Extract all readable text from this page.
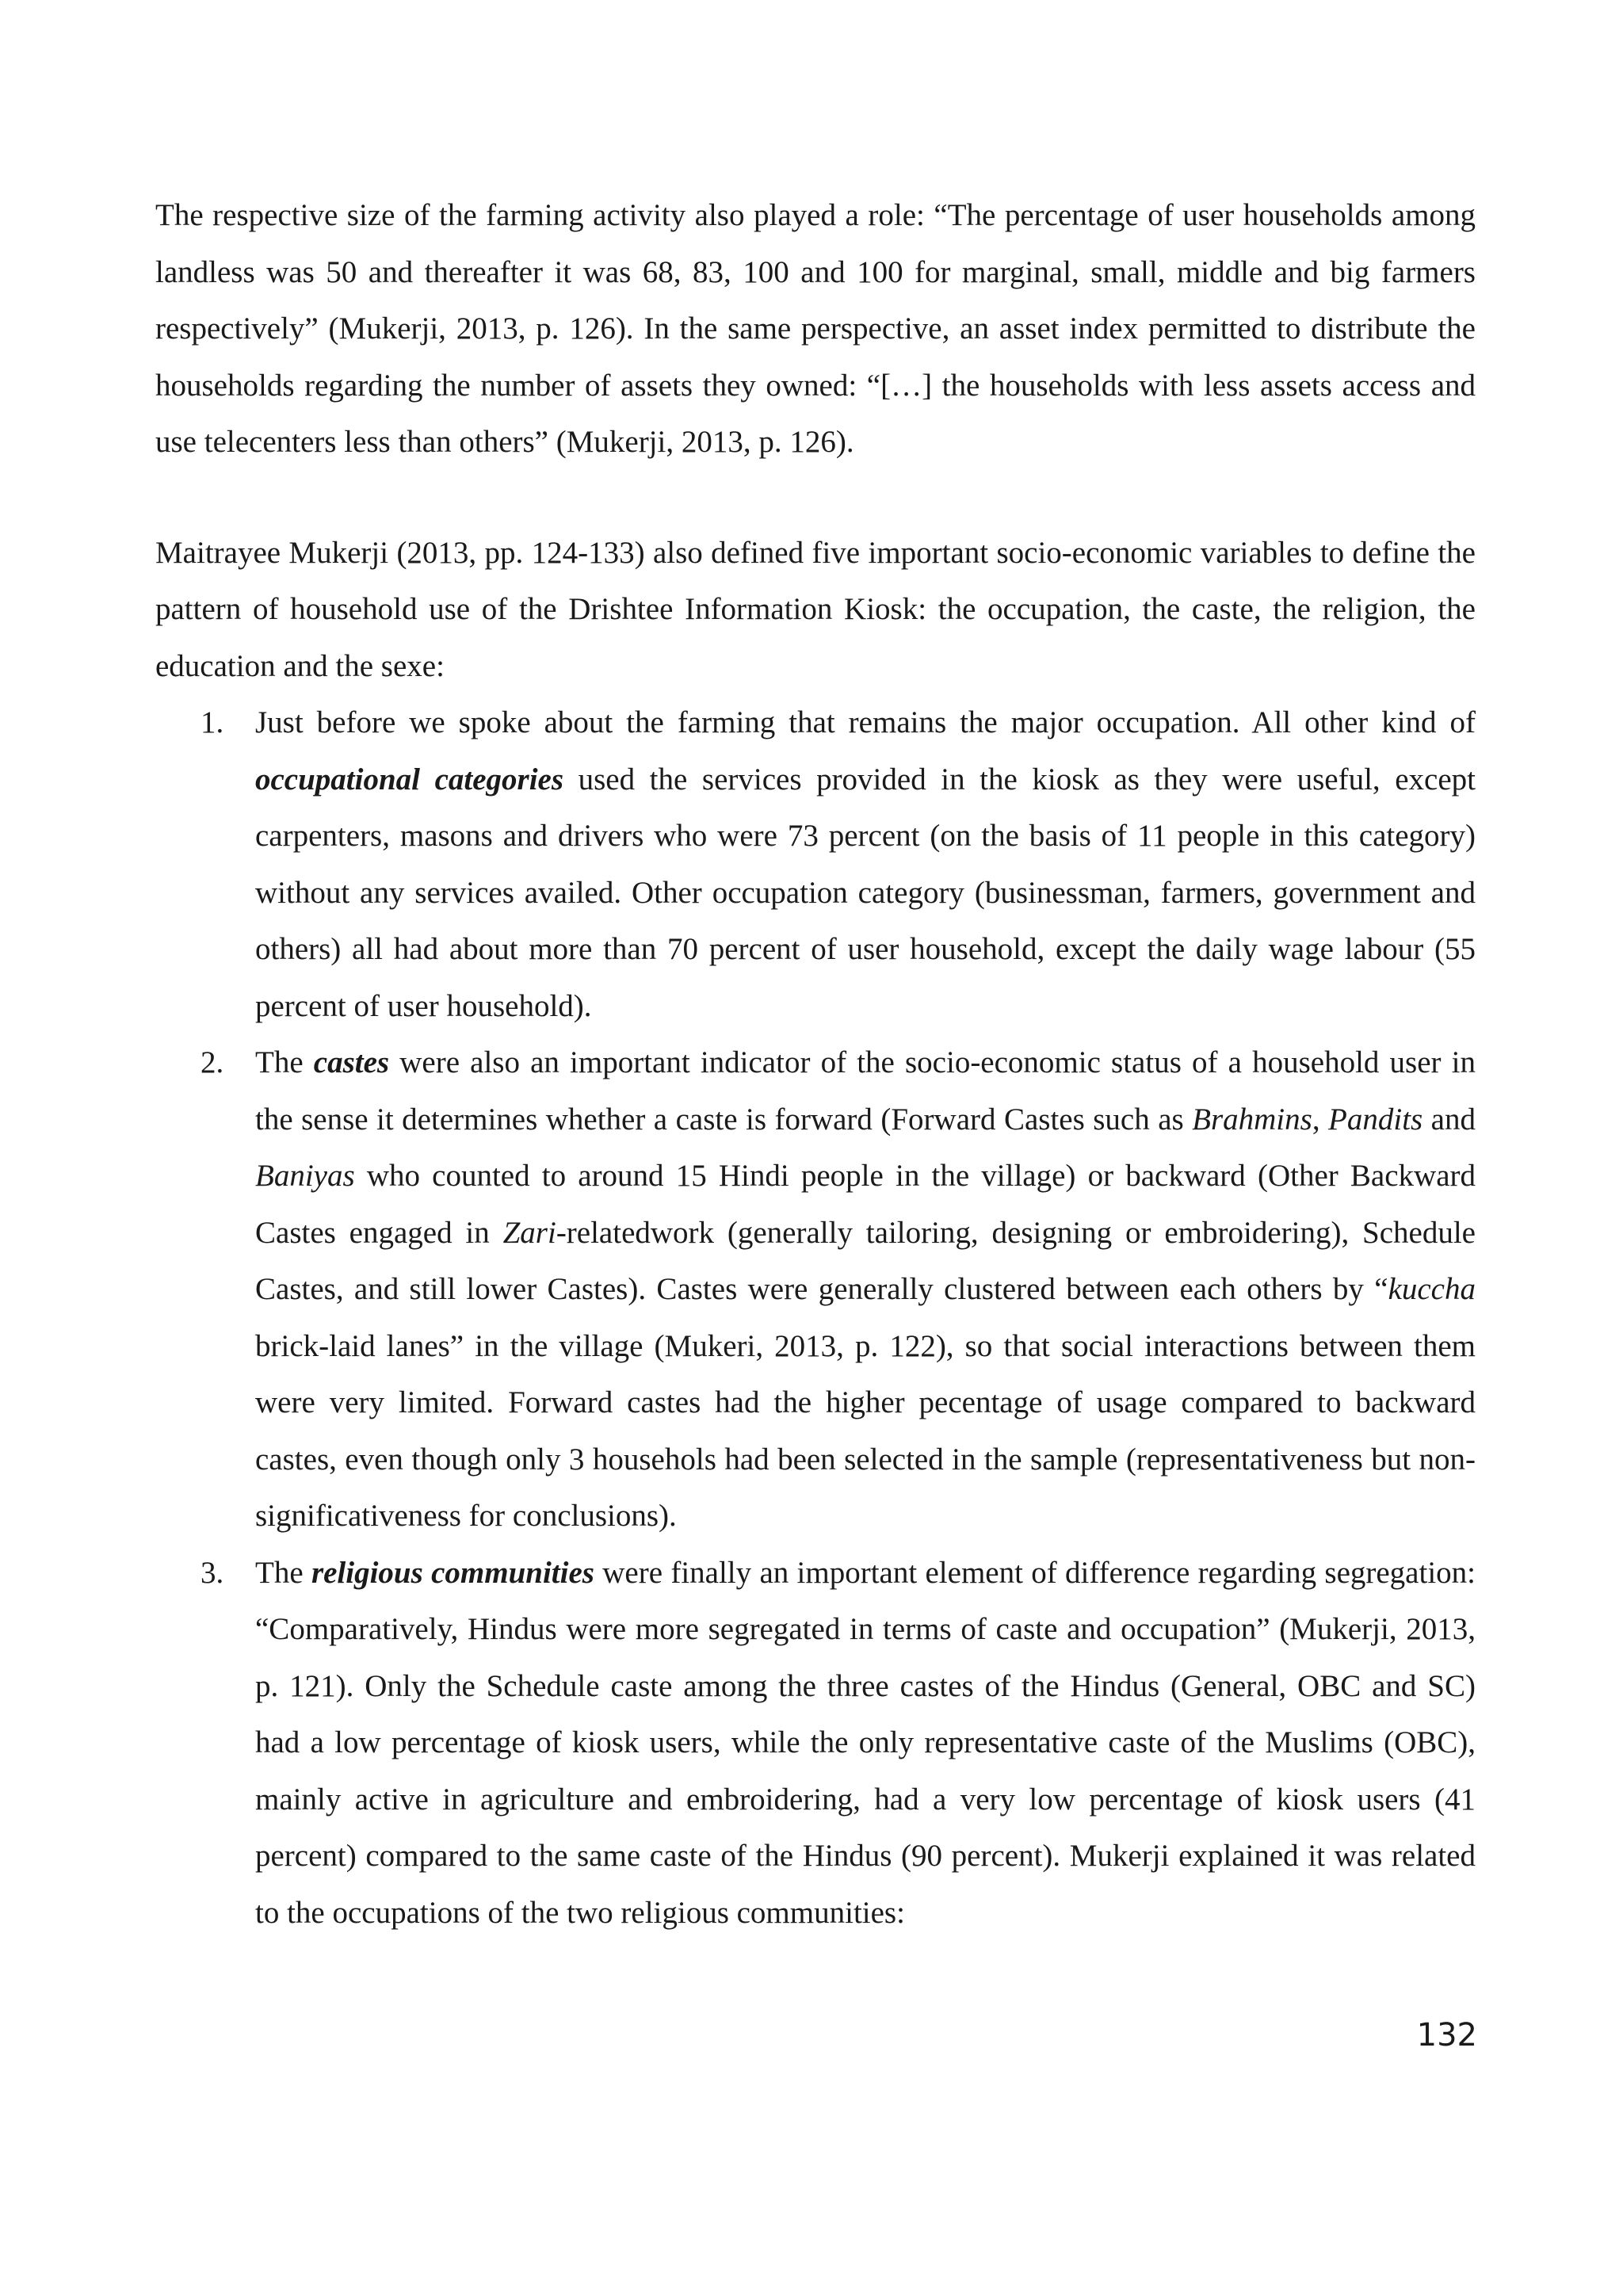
The respective size of the farming activity also played a role: “The percentage of user households among landless was 50 and thereafter it was 68, 83, 100 and 100 for marginal, small, middle and big farmers respectively” (Mukerji, 2013, p. 126). In the same perspective, an asset index permitted to distribute the households regarding the number of assets they owned: “[…] the households with less assets access and use telecenters less than others” (Mukerji, 2013, p. 126).

Maitrayee Mukerji (2013, pp. 124-133) also defined five important socio-economic variables to define the pattern of household use of the Drishtee Information Kiosk: the occupation, the caste, the religion, the education and the sexe:

1. Just before we spoke about the farming that remains the major occupation. All other kind of occupational categories used the services provided in the kiosk as they were useful, except carpenters, masons and drivers who were 73 percent (on the basis of 11 people in this category) without any services availed. Other occupation category (businessman, farmers, government and others) all had about more than 70 percent of user household, except the daily wage labour (55 percent of user household).
2. The castes were also an important indicator of the socio-economic status of a household user in the sense it determines whether a caste is forward (Forward Castes such as Brahmins, Pandits and Baniyas who counted to around 15 Hindi people in the village) or backward (Other Backward Castes engaged in Zari-relatedwork (generally tailoring, designing or embroidering), Schedule Castes, and still lower Castes). Castes were generally clustered between each others by “kuccha brick-laid lanes” in the village (Mukeri, 2013, p. 122), so that social interactions between them were very limited. Forward castes had the higher pecentage of usage compared to backward castes, even though only 3 househols had been selected in the sample (representativeness but non-significativeness for conclusions).
3. The religious communities were finally an important element of difference regarding segregation: “Comparatively, Hindus were more segregated in terms of caste and occupation” (Mukerji, 2013, p. 121). Only the Schedule caste among the three castes of the Hindus (General, OBC and SC) had a low percentage of kiosk users, while the only representative caste of the Muslims (OBC), mainly active in agriculture and embroidering, had a very low percentage of kiosk users (41 percent) compared to the same caste of the Hindus (90 percent). Mukerji explained it was related to the occupations of the two religious communities:
132
